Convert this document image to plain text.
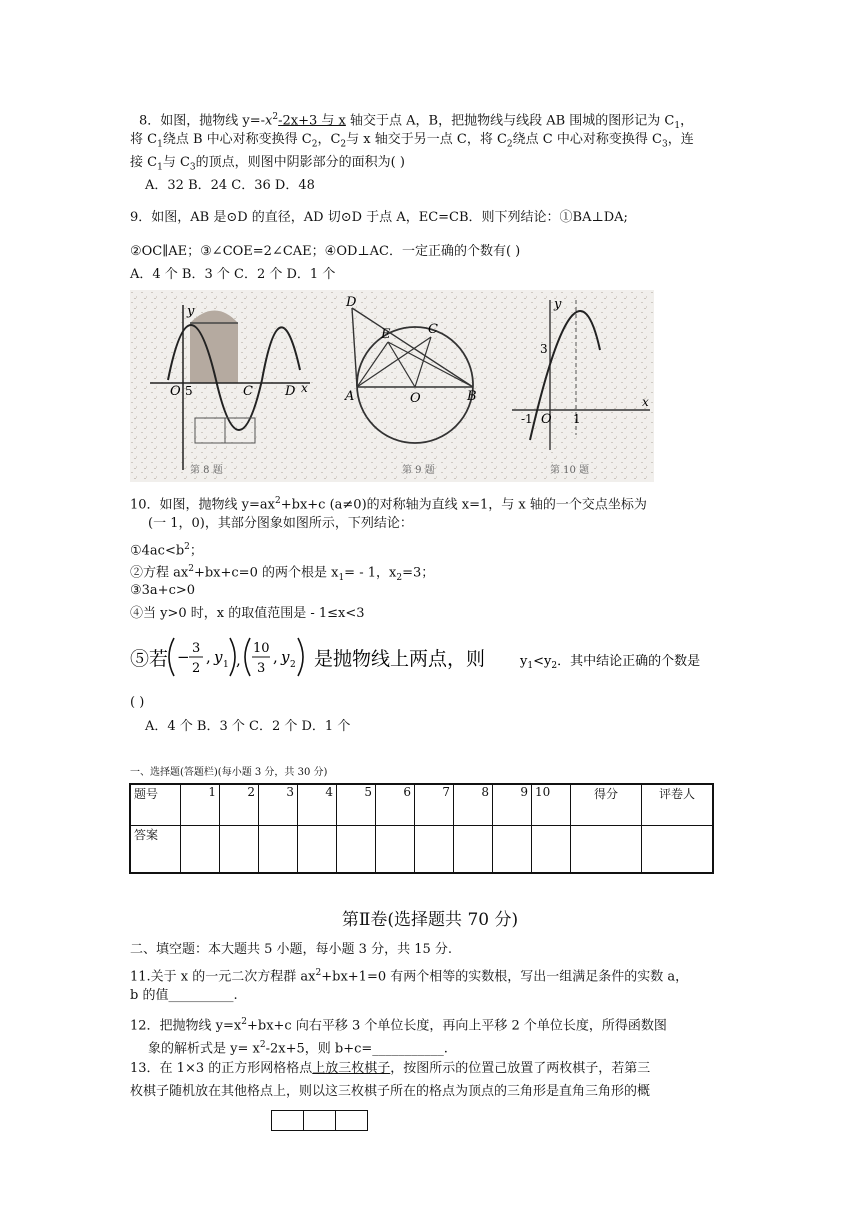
8．如图，抛物线 $y=-x^2-2x+3$ 与 x 轴交于点 A，B，把抛物线与线段 AB 围城的图形记为 $C_1$，
将 $C_1$绕点 B 中心对称变换得 $C_2$，$C_2$与 x 轴交于另一点 C，将 $C_2$绕点 C 中心对称变换得 $C_3$，连
接 $C_1$与 $C_3$的顶点，则图中阴影部分的面积为( )
A．32 B．24 C．36 D．48
9．如图，AB 是⊙D 的直径，AD 切⊙D 于点 A，EC=CB．则下列结论：①BA⊥DA;
②OC∥AE；③∠COE=2∠CAE；④OD⊥AC．一定正确的个数有( )
A．4 个 B．3 个 C．2 个 D．1 个
y
O 5	C D x
第 8 题
D
E	C
A	O	B
第 9 题
y
3
-1 O 1
x
第 10 题
10．如图，抛物线 $y=ax^2+bx+c$ (a≠0)的对称轴为直线 x=1，与 x 轴的一个交点坐标为
(一 1，0)，其部分图象如图所示，下列结论：
$①4ac<b^2$；
②方程 $ax^2+bx+c=0$ 的两个根是 $x_1= - 1$，$x_2=3$；
③3a+c>0
④当 y>0 时，x 的取值范围是 - 1≤x<3
⑤若 − 3
2
, y 1 ,
10
3
, y 2 是抛物线上两点，则	$y_1<y_2$．其中结论正确的个数是
( )
A．4 个 B．3 个 C．2 个 D．1 个
一、选择题(答题栏)(每小题 3 分，共 30 分)
题号	1	2	3	4	5	6	7	8	9	10	得分	评卷人
答案												
第Ⅱ卷(选择题共 70 分)
二、填空题：本大题共 5 小题，每小题 3 分，共 15 分.
11.关于 x 的一元二次方程群 $ax^2+bx+1=0$ 有两个相等的实数根，写出一组满足条件的实数 a，
b 的值__________.
12．把抛物线 $y=x^2+bx+c$ 向右平移 3 个单位长度，再向上平移 2 个单位长度，所得函数图
象的解析式是 $y= x^2-2x+5$，则 b+c=___________.
13．在 1×3 的正方形网格格点上放三枚棋子，按图所示的位置己放置了两枚棋子，若第三
枚棋子随机放在其他格点上，则以这三枚棋子所在的格点为顶点的三角形是直角三角形的概
